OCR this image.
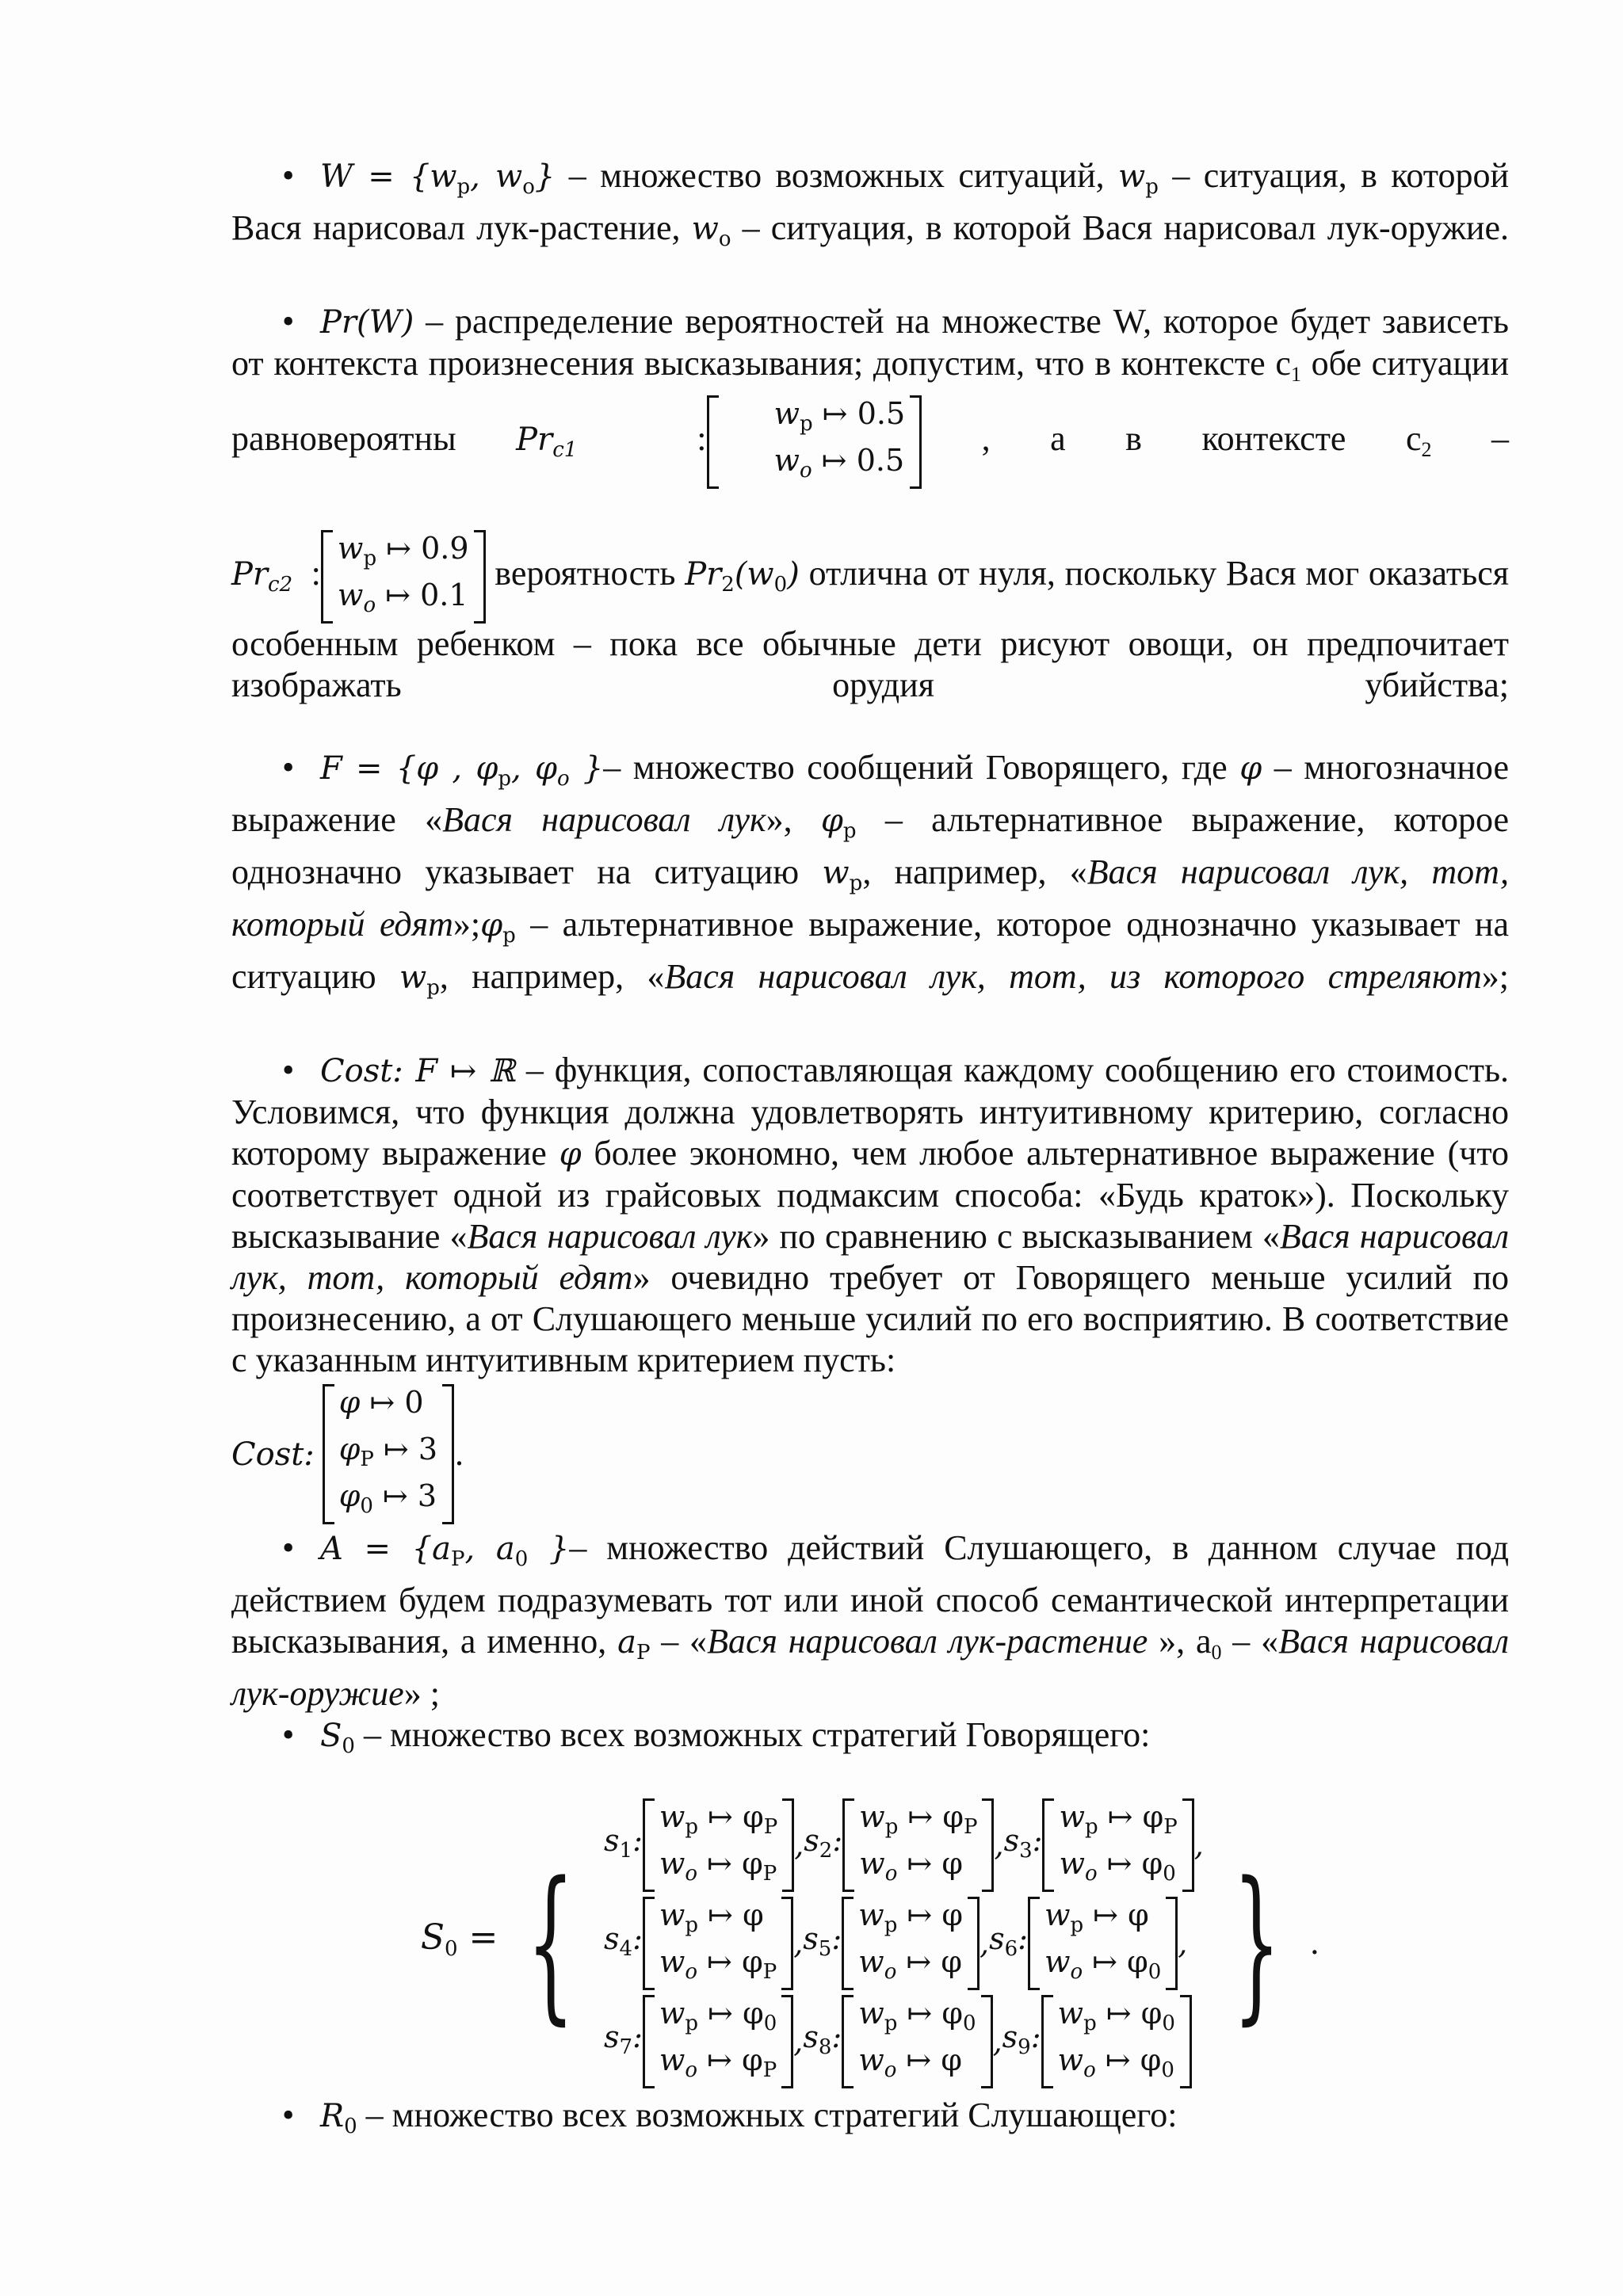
• $W = \{w_p$, $w_o$} – множество возможных ситуаций, $w_p$ – ситуация, в которой Вася нарисовал лук-растение, $w_o$ – ситуация, в которой Вася нарисовал лук-оружие.

• Pr(W) – распределение вероятностей на множестве W, которое будет зависеть от контекста произнесения высказывания; допустим, что в контексте $c_1$ обе ситуации равновероятны $Pr_{c1}$  :
$w_p$ ↦ 0.5
$w_o$ ↦ 0.5
, а в контексте $c_2$ –

$Pr_{c2}$  :
$w_p$ ↦ 0.9
$w_o$ ↦ 0.1
вероятность $Pr_2(w_0)$ отлична от нуля, поскольку Вася мог оказаться особенным ребенком – пока все обычные дети рисуют овощи, он предпочитает изображать орудия убийства;

• F = {φ , $\varphi_p$, $\varphi_o$ }– множество сообщений Говорящего, где φ – многозначное выражение «Вася нарисовал лук», $\varphi_p$ – альтернативное выражение, которое однозначно указывает на ситуацию $w_p$, например, «Вася нарисовал лук, тот, который $едят»;\varphi_p$ – альтернативное выражение, которое однозначно указывает на ситуацию $w_p$, например, «Вася нарисовал лук, тот, из которого стреляют»;

• Cost: F ↦ ℝ – функция, сопоставляющая каждому сообщению его стоимость. Условимся, что функция должна удовлетворять интуитивному критерию, согласно которому выражение φ более экономно, чем любое альтернативное выражение (что соответствует одной из грайсовых подмаксим способа: «Будь краток»). Поскольку высказывание «Вася нарисовал лук» по сравнению с высказыванием «Вася нарисовал лук, тот, который едят» очевидно требует от Говорящего меньше усилий по произнесению, а от Слушающего меньше усилий по его восприятию. В соответствие с указанным интуитивным критерием пусть:

Cost:
φ ↦ 0
$\varphi_P$ ↦ 3
$\varphi_0$ ↦ 3
.

• $A = \{a_P$, $a_0$ }– множество действий Слушающего, в данном случае под действием будем подразумевать тот или иной способ семантической интерпретации высказывания, а именно, $a_P$ – «Вася нарисовал лук-растение », $a_0$ – «Вася нарисовал лук-оружие» ;

• $S_0$ – множество всех возможных стратегий Говорящего:

$S_0$ = {
$s_1$:
$w_p$ ↦ $\varphi_P$
$w_o$ ↦ $\varphi_P$
, $s_2$:
$w_p$ ↦ $\varphi_P$
$w_o$ ↦ φ
, $s_3$:
$w_p$ ↦ $\varphi_P$
$w_o$ ↦ $\varphi_0$
,
$s_4$:
$w_p$ ↦ φ
$w_o$ ↦ $\varphi_P$
, $s_5$:
$w_p$ ↦ φ
$w_o$ ↦ φ
, $s_6$:
$w_p$ ↦ φ
$w_o$ ↦ $\varphi_0$
,
$s_7$:
$w_p$ ↦ $\varphi_0$
$w_o$ ↦ $\varphi_P$
, $s_8$:
$w_p$ ↦ $\varphi_0$
$w_o$ ↦ φ
, $s_9$:
$w_p$ ↦ $\varphi_0$
$w_o$ ↦ $\varphi_0$
} .

• $R_0$ – множество всех возможных стратегий Слушающего:
